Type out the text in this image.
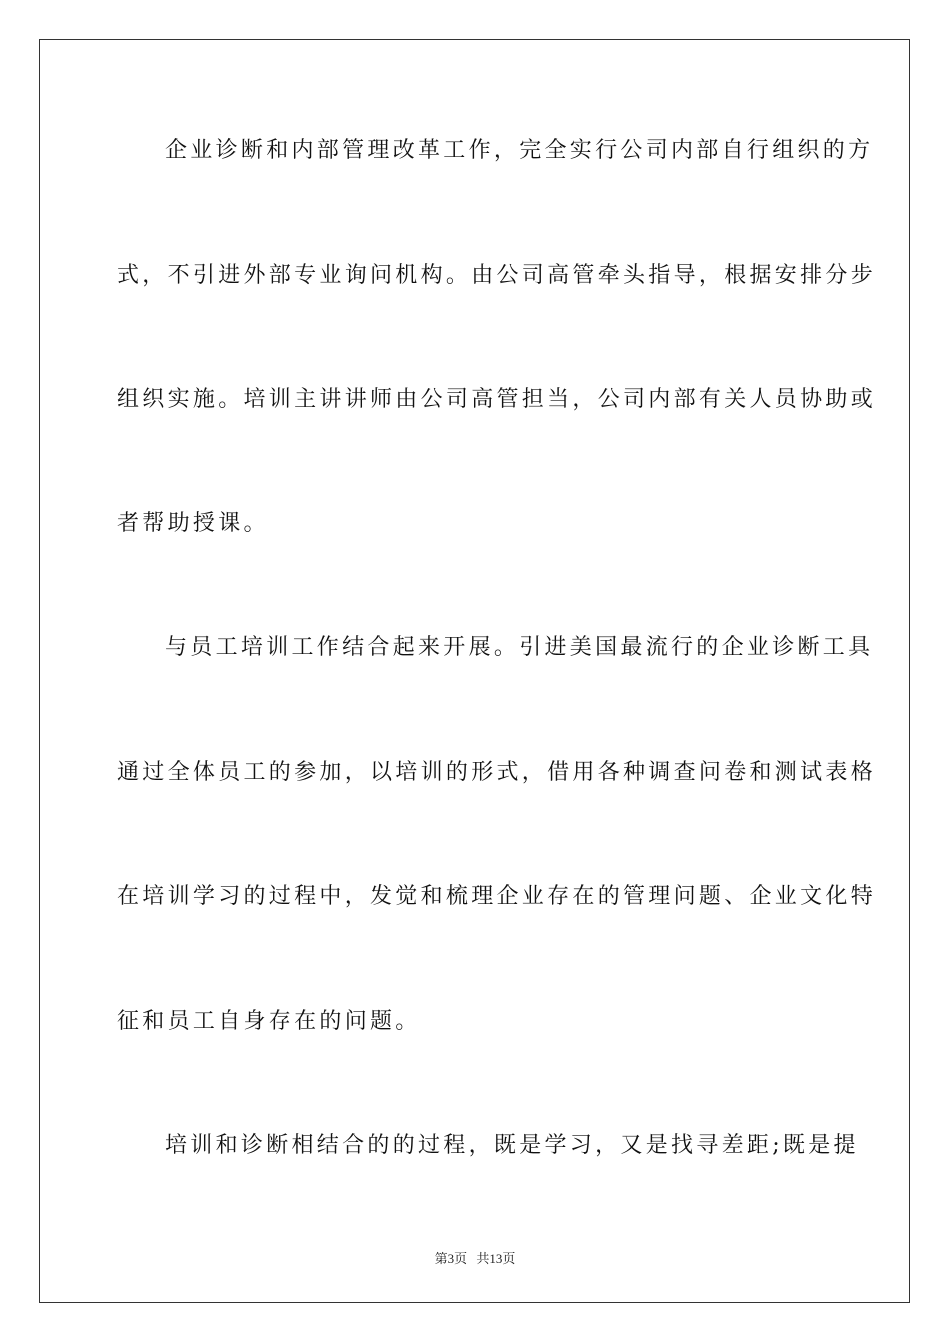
企业诊断和内部管理改革工作，完全实行公司内部自行组织的方
式，不引进外部专业询问机构。由公司高管牵头指导，根据安排分步
组织实施。培训主讲讲师由公司高管担当，公司内部有关人员协助或
者帮助授课。
与员工培训工作结合起来开展。引进美国最流行的企业诊断工具
通过全体员工的参加，以培训的形式，借用各种调查问卷和测试表格
在培训学习的过程中，发觉和梳理企业存在的管理问题、企业文化特
征和员工自身存在的问题。
培训和诊断相结合的的过程，既是学习，又是找寻差距;既是提
第3页 共13页
